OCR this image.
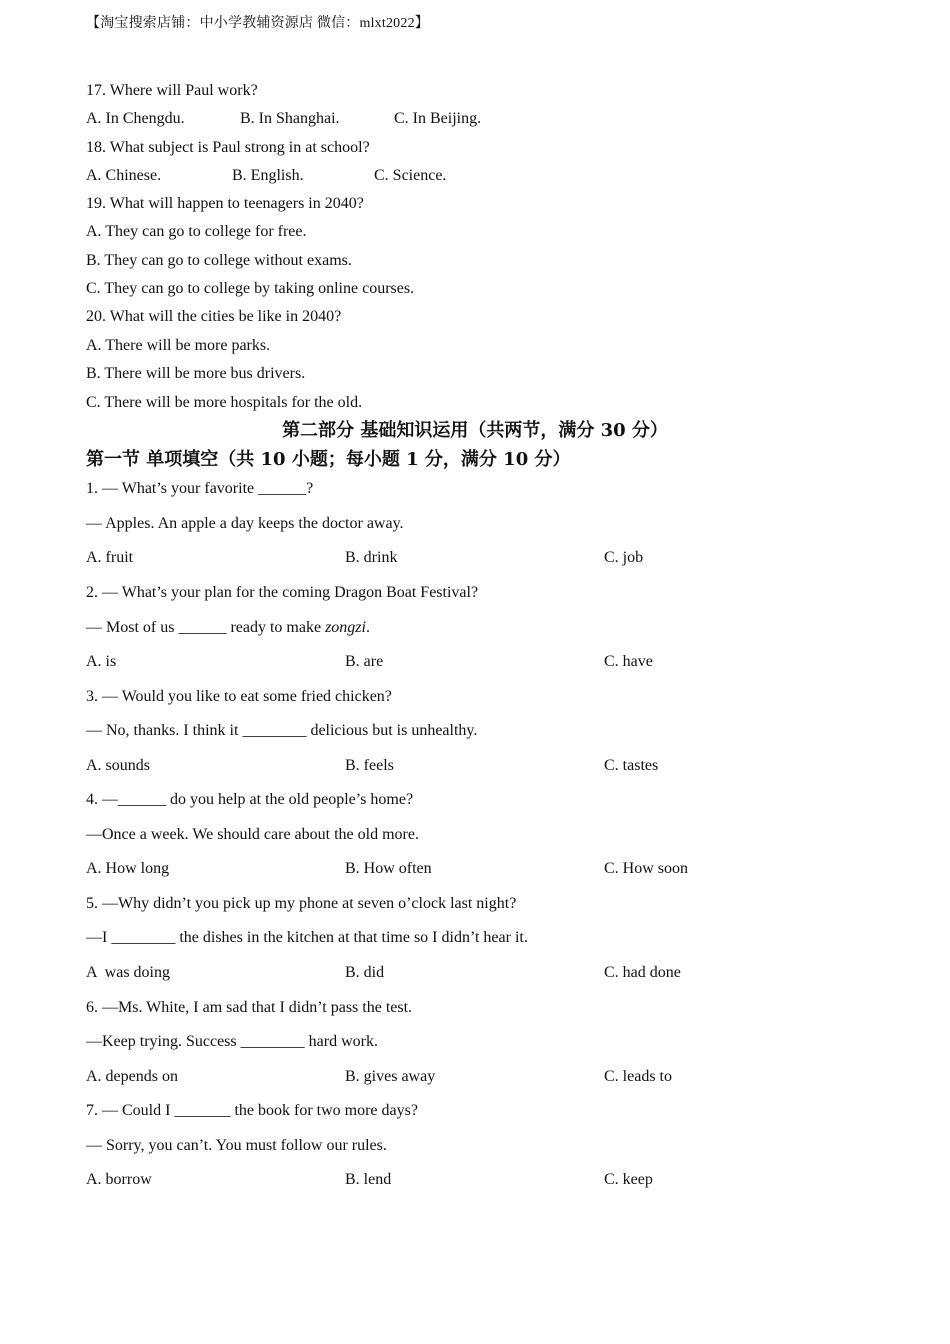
【淘宝搜索店铺：中小学教辅资源店 微信：mlxt2022】
17. Where will Paul work?
A. In Chengdu.	B. In Shanghai.	C. In Beijing.
18. What subject is Paul strong in at school?
A. Chinese.	B. English.	C. Science.
19. What will happen to teenagers in 2040?
A. They can go to college for free.
B. They can go to college without exams.
C. They can go to college by taking online courses.
20. What will the cities be like in 2040?
A. There will be more parks.
B. There will be more bus drivers.
C. There will be more hospitals for the old.
第二部分 基础知识运用（共两节，满分 30 分）
第一节 单项填空（共 10 小题；每小题 1 分，满分 10 分）
1. — What’s your favorite ______?
— Apples. An apple a day keeps the doctor away.
A. fruit	B. drink	C. job
2. — What’s your plan for the coming Dragon Boat Festival?
— Most of us ______ ready to make zongzi.
A. is	B. are	C. have
3. — Would you like to eat some fried chicken?
— No, thanks. I think it ________ delicious but is unhealthy.
A. sounds	B. feels	C. tastes
4. —______ do you help at the old people’s home?
—Once a week. We should care about the old more.
A. How long	B. How often	C. How soon
5. —Why didn’t you pick up my phone at seven o’clock last night?
—I ________ the dishes in the kitchen at that time so I didn’t hear it.
A  was doing	B. did	C. had done
6. —Ms. White, I am sad that I didn’t pass the test.
—Keep trying. Success ________ hard work.
A. depends on	B. gives away	C. leads to
7. — Could I _______ the book for two more days?
— Sorry, you can’t. You must follow our rules.
A. borrow	B. lend	C. keep
